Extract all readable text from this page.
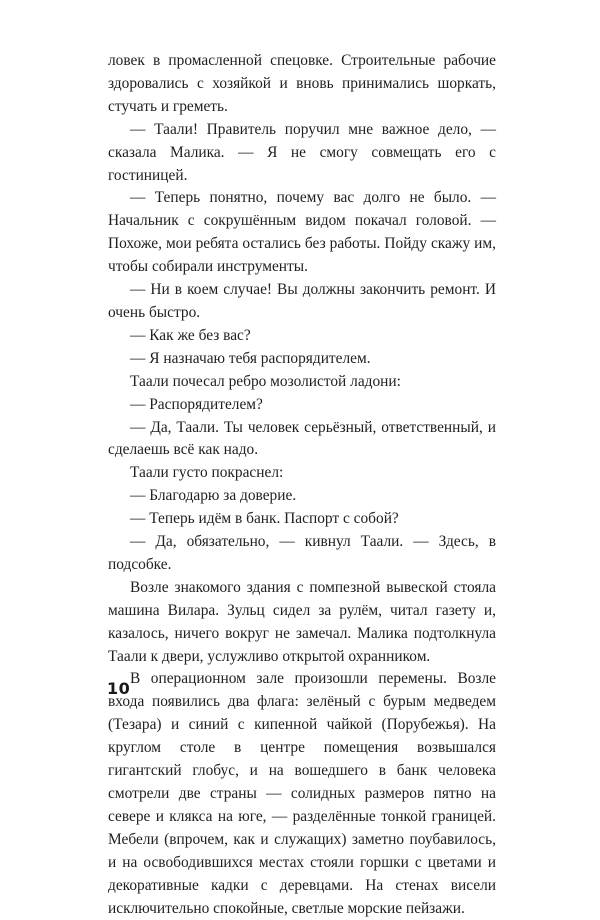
ловек в промасленной спецовке. Строительные рабочие здоровались с хозяйкой и вновь принимались шоркать, стучать и греметь.

— Таали! Правитель поручил мне важное дело, — сказала Малика. — Я не смогу совмещать его с гостиницей.

— Теперь понятно, почему вас долго не было. — Начальник с сокрушённым видом покачал головой. — Похоже, мои ребята остались без работы. Пойду скажу им, чтобы собирали инструменты.

— Ни в коем случае! Вы должны закончить ремонт. И очень быстро.

— Как же без вас?

— Я назначаю тебя распорядителем.

Таали почесал ребро мозолистой ладони:

— Распорядителем?

— Да, Таали. Ты человек серьёзный, ответственный, и сделаешь всё как надо.

Таали густо покраснел:

— Благодарю за доверие.

— Теперь идём в банк. Паспорт с собой?

— Да, обязательно, — кивнул Таали. — Здесь, в подсобке.

Возле знакомого здания с помпезной вывеской стояла машина Вилара. Зульц сидел за рулём, читал газету и, казалось, ничего вокруг не замечал. Малика подтолкнула Таали к двери, услужливо открытой охранником.

В операционном зале произошли перемены. Возле входа появились два флага: зелёный с бурым медведем (Тезара) и синий с кипенной чайкой (Порубежья). На круглом столе в центре помещения возвышался гигантский глобус, и на вошедшего в банк человека смотрели две страны — солидных размеров пятно на севере и клякса на юге, — разделённые тонкой границей. Мебели (впрочем, как и служащих) заметно поубавилось, и на освободившихся местах стояли горшки с цветами и декоративные кадки с деревцами. На стенах висели исключительно спокойные, светлые морские пейзажи.

10
